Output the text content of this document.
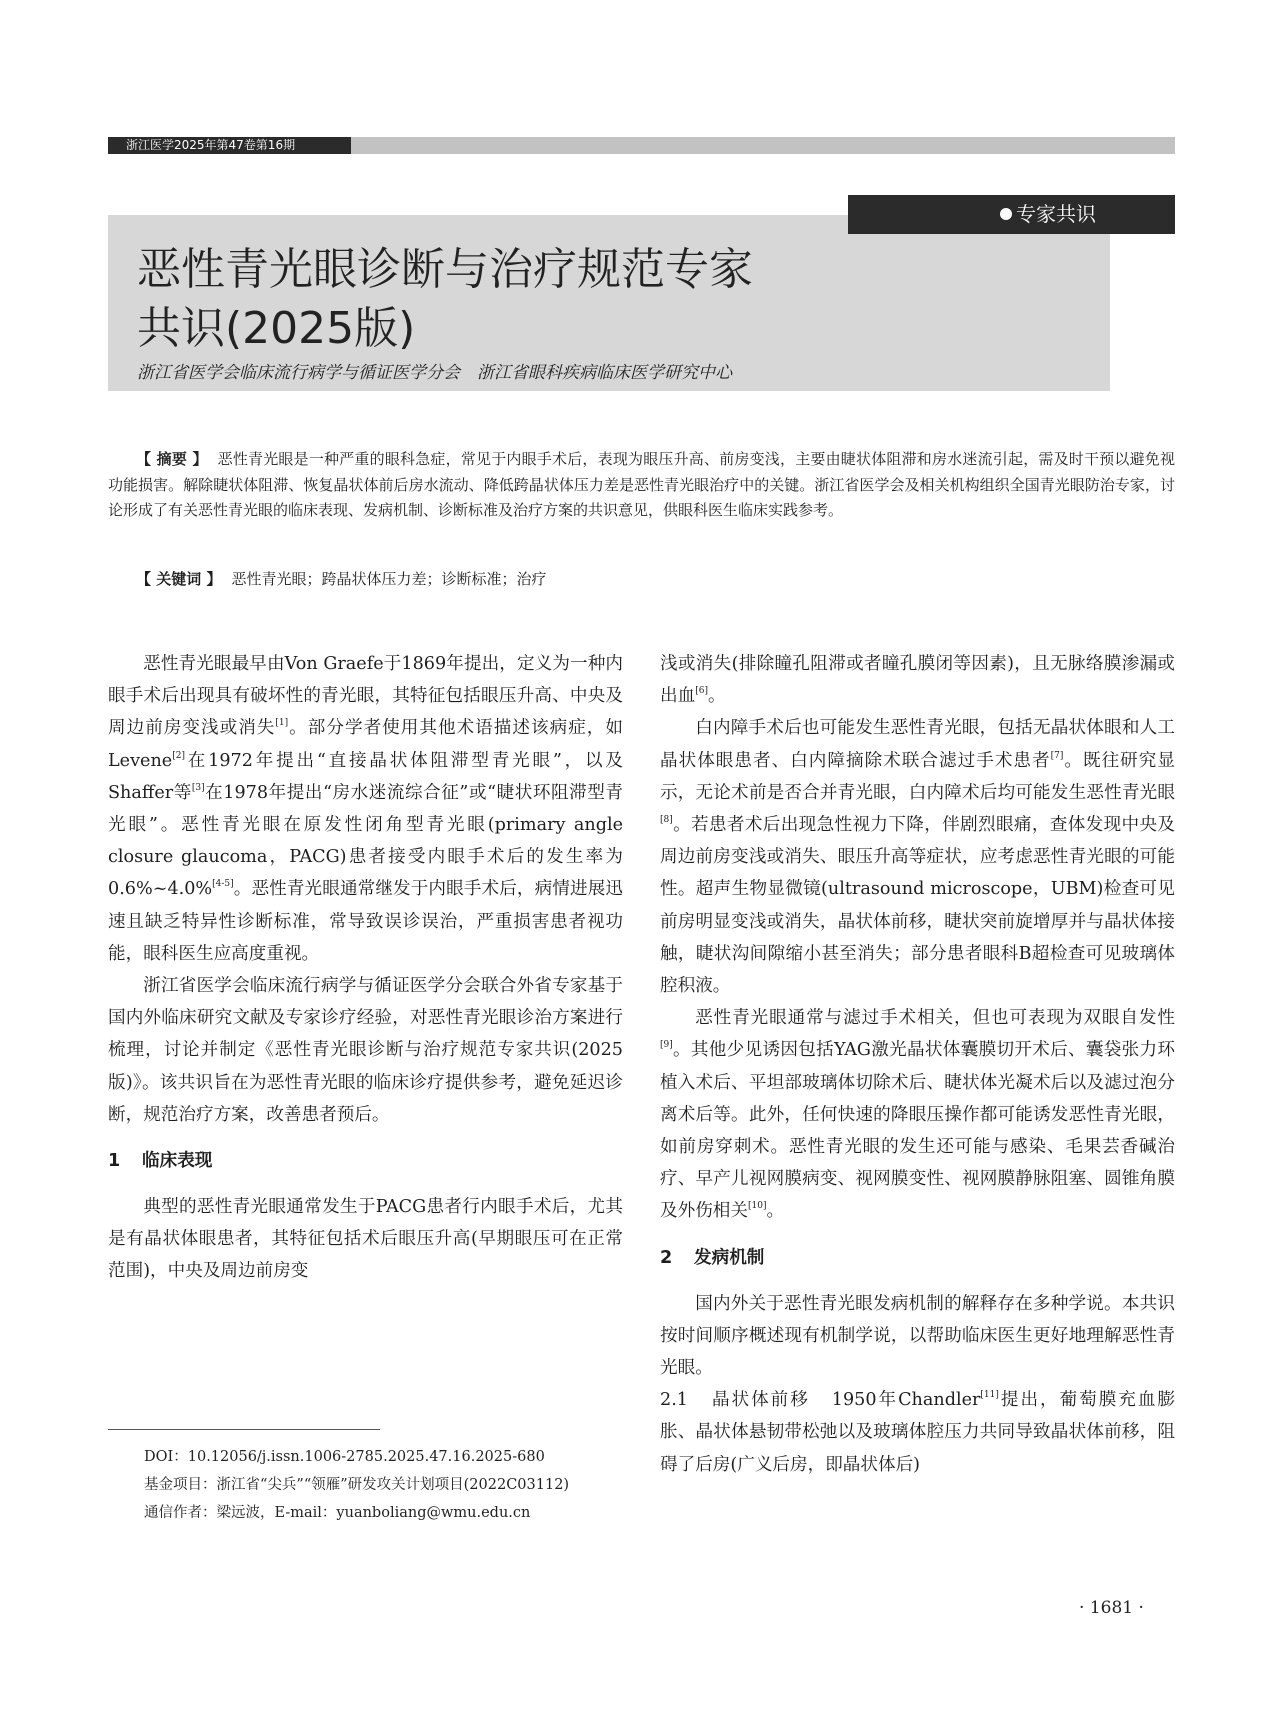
浙江医学2025年第47卷第16期
专家共识
恶性青光眼诊断与治疗规范专家
共识(2025版)
浙江省医学会临床流行病学与循证医学分会　浙江省眼科疾病临床医学研究中心

【 摘要 】 恶性青光眼是一种严重的眼科急症，常见于内眼手术后，表现为眼压升高、前房变浅，主要由睫状体阻滞和房水迷流引起，需及时干预以避免视功能损害。解除睫状体阻滞、恢复晶状体前后房水流动、降低跨晶状体压力差是恶性青光眼治疗中的关键。浙江省医学会及相关机构组织全国青光眼防治专家，讨论形成了有关恶性青光眼的临床表现、发病机制、诊断标准及治疗方案的共识意见，供眼科医生临床实践参考。

【 关键词 】 恶性青光眼；跨晶状体压力差；诊断标准；治疗

恶性青光眼最早由Von Graefe于1869年提出，定义为一种内眼手术后出现具有破坏性的青光眼，其特征包括眼压升高、中央及周边前房变浅或消失[1]。部分学者使用其他术语描述该病症，如Levene[2]在1972年提出“直接晶状体阻滞型青光眼”，以及Shaffer等[3]在1978年提出“房水迷流综合征”或“睫状环阻滞型青光眼”。恶性青光眼在原发性闭角型青光眼(primary angle closure glaucoma，PACG)患者接受内眼手术后的发生率为0.6%~4.0%[4-5]。恶性青光眼通常继发于内眼手术后，病情进展迅速且缺乏特异性诊断标准，常导致误诊误治，严重损害患者视功能，眼科医生应高度重视。

浙江省医学会临床流行病学与循证医学分会联合外省专家基于国内外临床研究文献及专家诊疗经验，对恶性青光眼诊治方案进行梳理，讨论并制定《恶性青光眼诊断与治疗规范专家共识(2025版)》。该共识旨在为恶性青光眼的临床诊疗提供参考，避免延迟诊断，规范治疗方案，改善患者预后。

1 临床表现

典型的恶性青光眼通常发生于PACG患者行内眼手术后，尤其是有晶状体眼患者，其特征包括术后眼压升高(早期眼压可在正常范围)，中央及周边前房变

浅或消失(排除瞳孔阻滞或者瞳孔膜闭等因素)，且无脉络膜渗漏或出血[6]。

白内障手术后也可能发生恶性青光眼，包括无晶状体眼和人工晶状体眼患者、白内障摘除术联合滤过手术患者[7]。既往研究显示，无论术前是否合并青光眼，白内障术后均可能发生恶性青光眼[8]。若患者术后出现急性视力下降，伴剧烈眼痛，查体发现中央及周边前房变浅或消失、眼压升高等症状，应考虑恶性青光眼的可能性。超声生物显微镜(ultrasound microscope，UBM)检查可见前房明显变浅或消失，晶状体前移，睫状突前旋增厚并与晶状体接触，睫状沟间隙缩小甚至消失；部分患者眼科B超检查可见玻璃体腔积液。

恶性青光眼通常与滤过手术相关，但也可表现为双眼自发性[9]。其他少见诱因包括YAG激光晶状体囊膜切开术后、囊袋张力环植入术后、平坦部玻璃体切除术后、睫状体光凝术后以及滤过泡分离术后等。此外，任何快速的降眼压操作都可能诱发恶性青光眼，如前房穿刺术。恶性青光眼的发生还可能与感染、毛果芸香碱治疗、早产儿视网膜病变、视网膜变性、视网膜静脉阻塞、圆锥角膜及外伤相关[10]。

2 发病机制

国内外关于恶性青光眼发病机制的解释存在多种学说。本共识按时间顺序概述现有机制学说，以帮助临床医生更好地理解恶性青光眼。

2.1 晶状体前移 1950年Chandler[11]提出，葡萄膜充血膨胀、晶状体悬韧带松弛以及玻璃体腔压力共同导致晶状体前移，阻碍了后房(广义后房，即晶状体后)

DOI：10.12056/j.issn.1006-2785.2025.47.16.2025-680

基金项目：浙江省“尖兵”“领雁”研发攻关计划项目(2022C03112)

通信作者：梁远波，E-mail：yuanboliang@wmu.edu.cn

· 1681 ·
